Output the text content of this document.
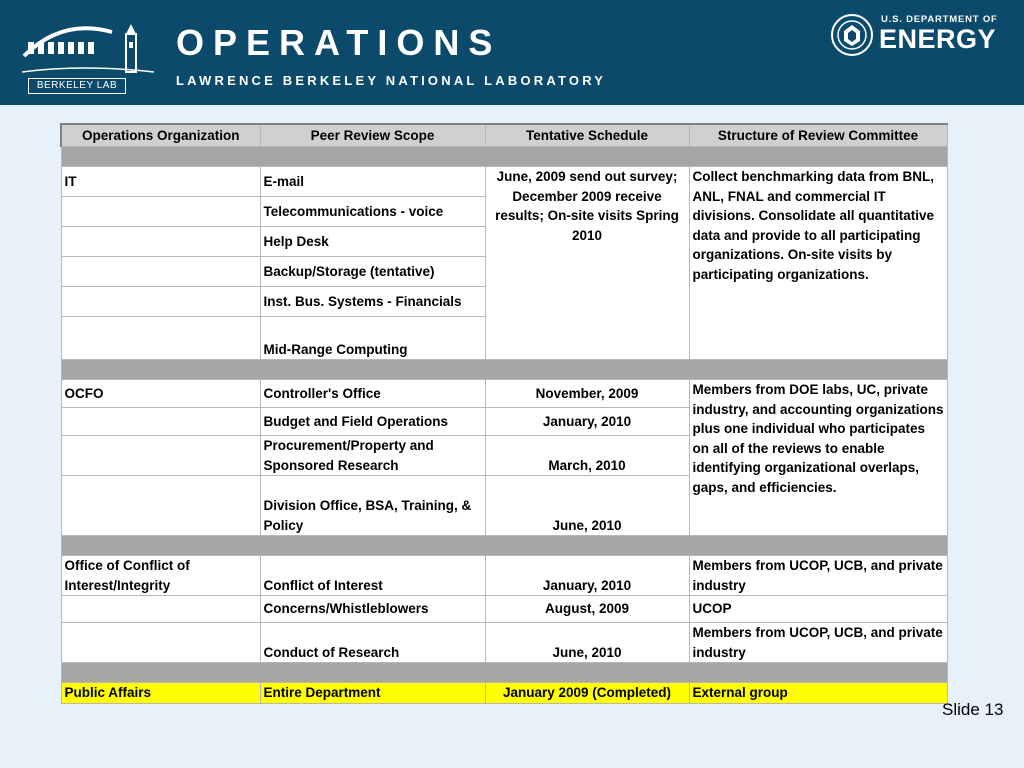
BERKELEY LAB
OPERATIONS
LAWRENCE BERKELEY NATIONAL LABORATORY
U.S. DEPARTMENT OF
ENERGY
Operations Organization	Peer Review Scope	Tentative Schedule	Structure of Review Committee

IT	E-mail	June, 2009 send out survey; December 2009 receive results; On-site visits Spring 2010	Collect benchmarking data from BNL, ANL, FNAL and commercial IT divisions. Consolidate all quantitative data and provide to all participating organizations. On-site visits by participating organizations.
	Telecommunications - voice		
	Help Desk		
	Backup/Storage (tentative)		
	Inst. Bus. Systems - Financials		
	Mid-Range Computing		

OCFO	Controller's Office	November, 2009	Members from DOE labs, UC, private industry, and accounting organizations plus one individual who participates on all of the reviews to enable identifying organizational overlaps, gaps, and efficiencies.
	Budget and Field Operations	January, 2010	
	Procurement/Property and Sponsored Research	March, 2010	
	Division Office, BSA, Training, & Policy	June, 2010	

Office of Conflict of Interest/Integrity	Conflict of Interest	January, 2010	Members from UCOP, UCB, and private industry
	Concerns/Whistleblowers	August, 2009	UCOP
	Conduct of Research	June, 2010	Members from UCOP, UCB, and private industry

Public Affairs	Entire Department	January 2009 (Completed)	External group
Slide 13
